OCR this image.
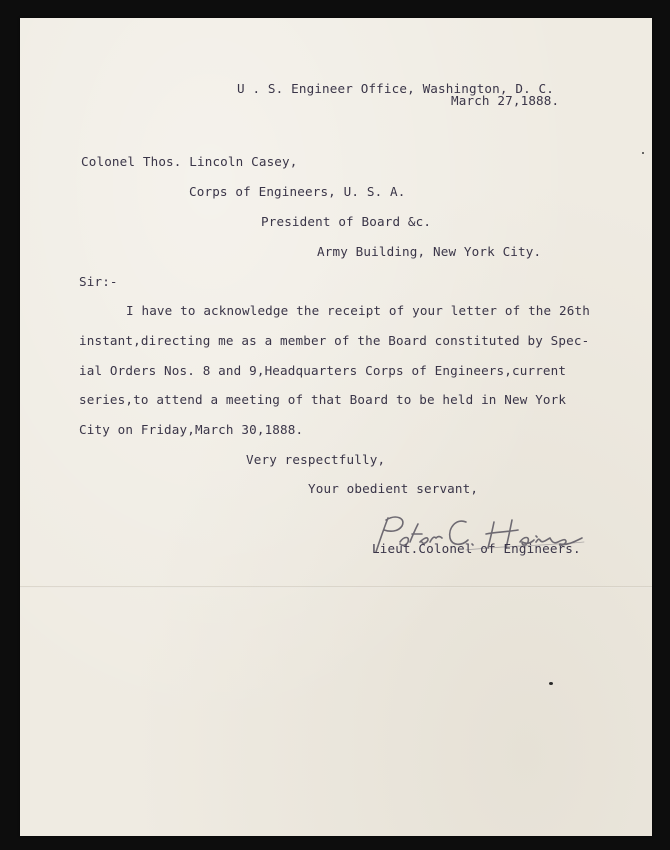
U . S. Engineer Office, Washington, D. C.
March 27,1888.
Colonel Thos. Lincoln Casey,
Corps of Engineers, U. S. A.
President of Board &c.
Army Building, New York City.
Sir:-
I have to acknowledge the receipt of your letter of the 26th
instant,directing me as a member of the Board constituted by Spec-
ial Orders Nos. 8 and 9,Headquarters Corps of Engineers,current
series,to attend a meeting of that Board to be held in New York
City on Friday,March 30,1888.
Very respectfully,
Your obedient servant,
Peter C. Hains
Lieut.Colonel of Engineers.
